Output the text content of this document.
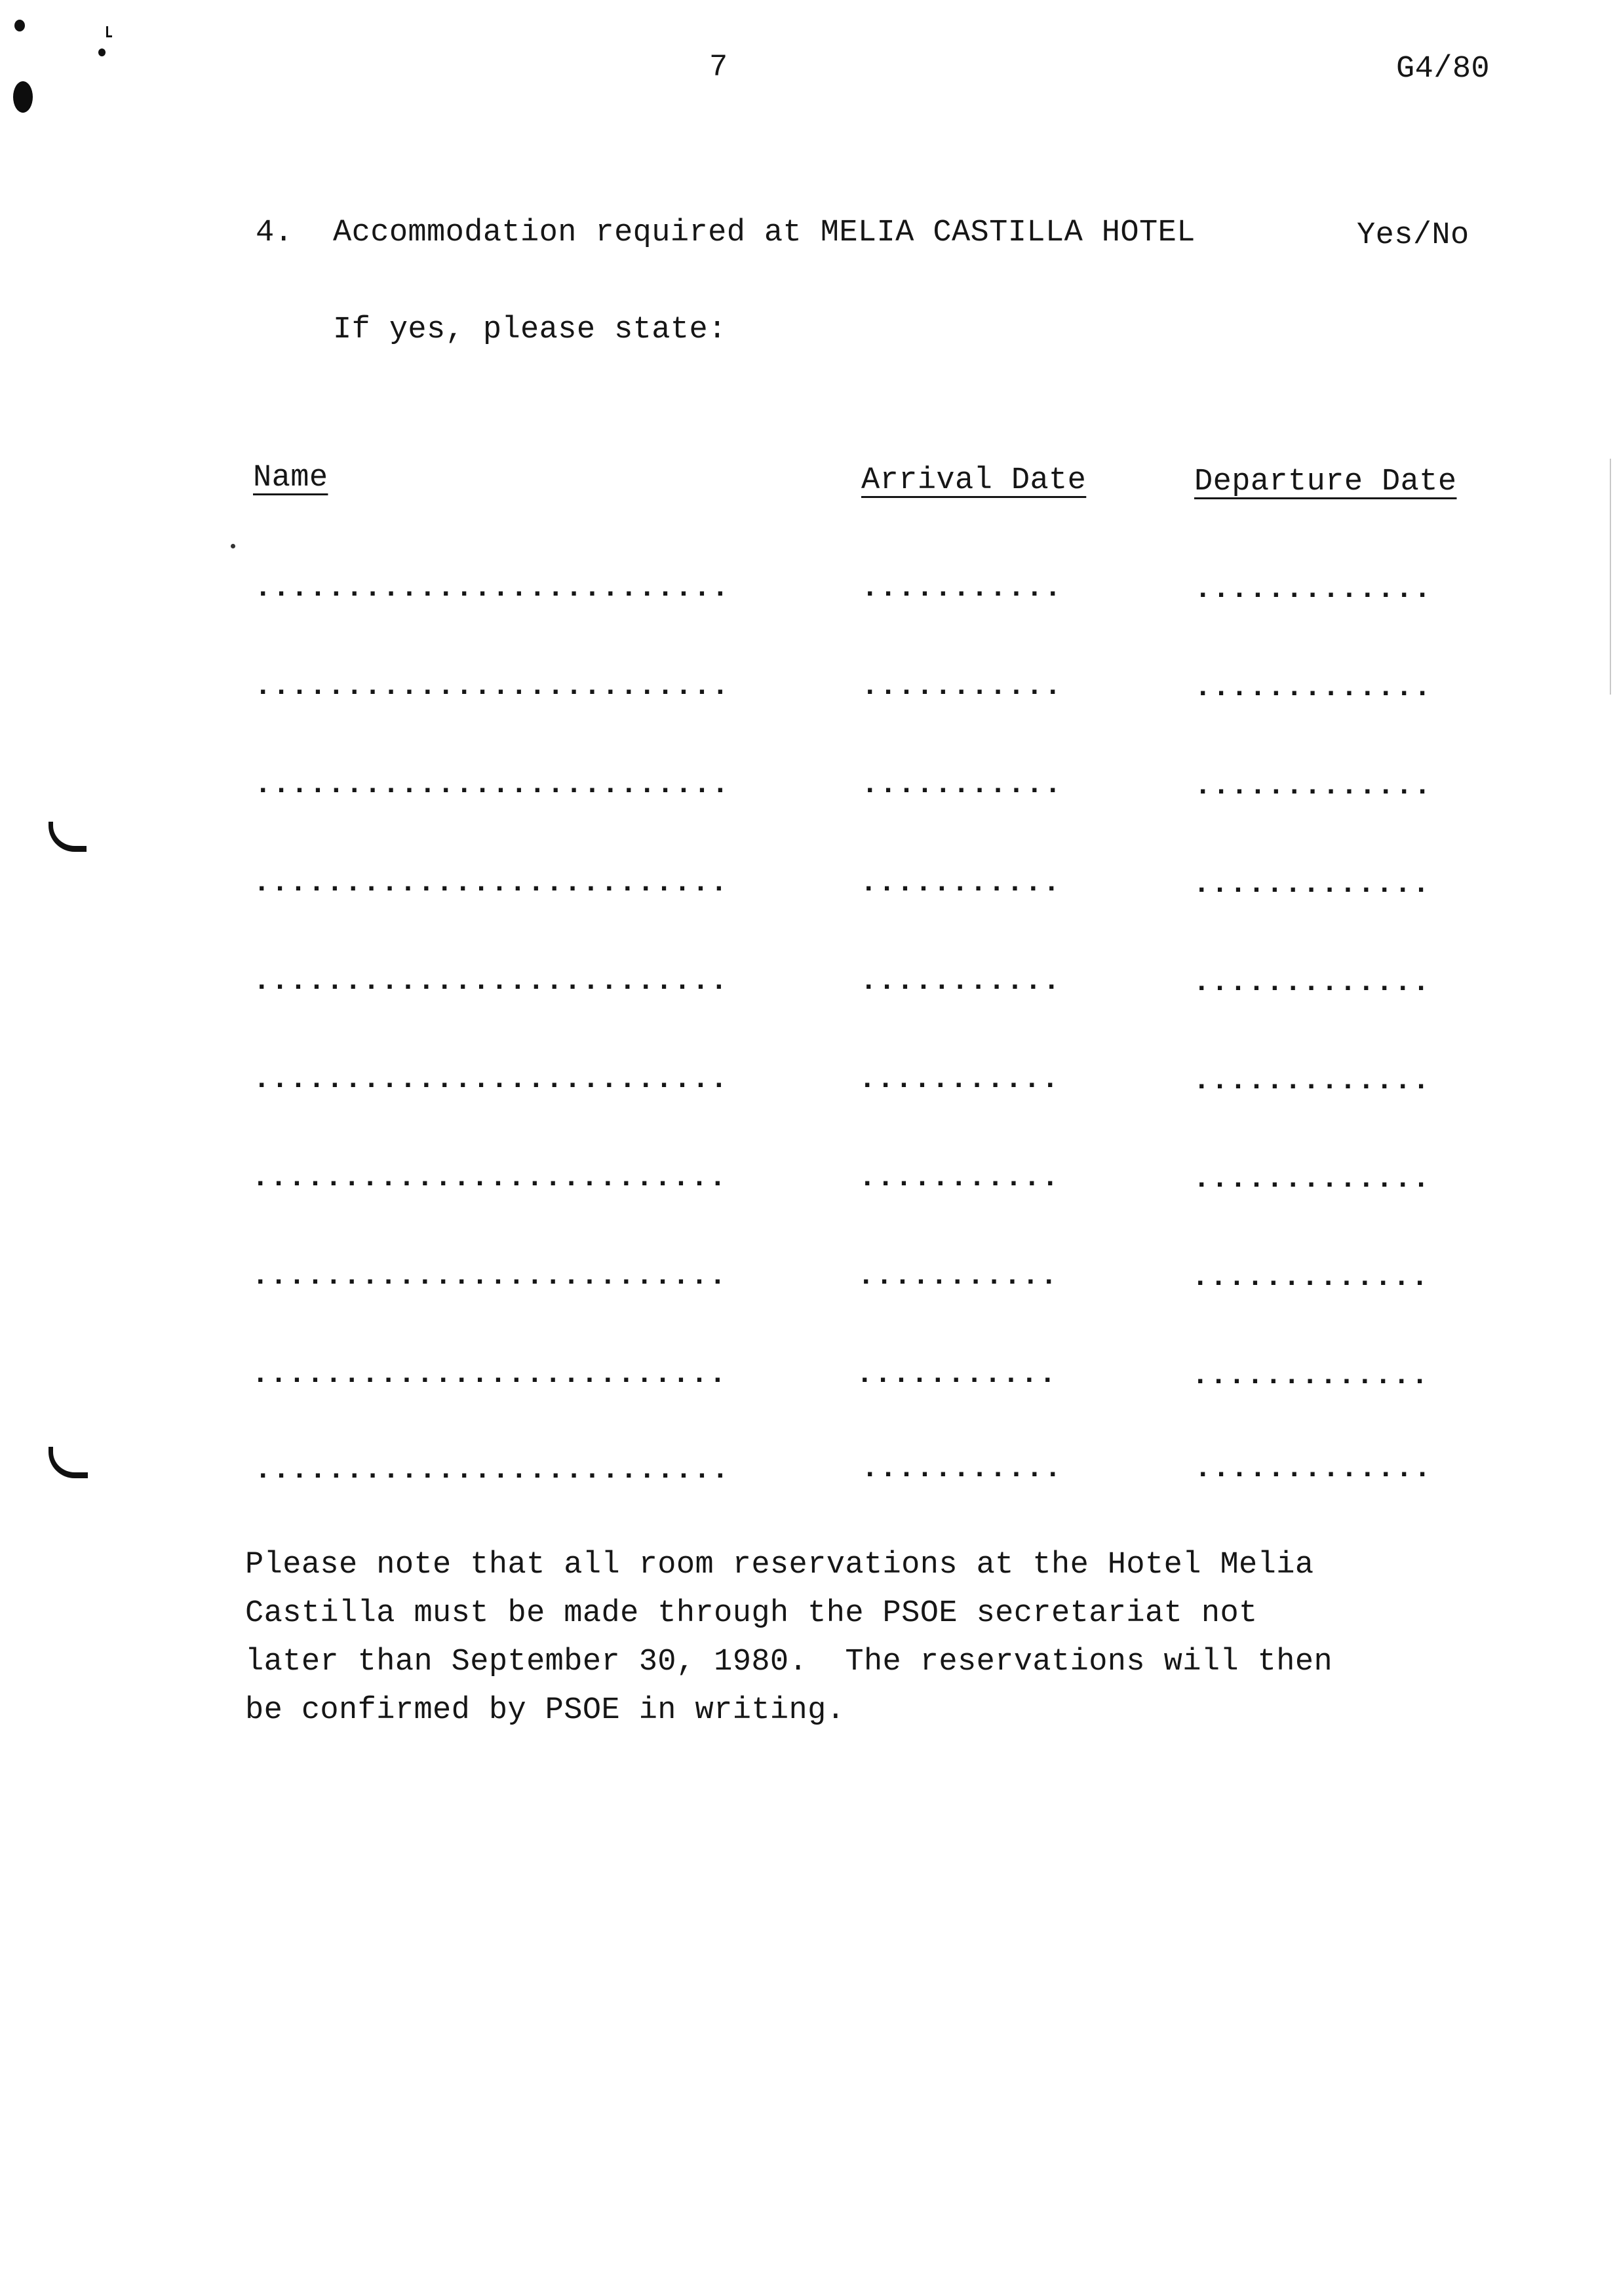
7	G4/80
4. Accommodation required at MELIA CASTILLA HOTEL	Yes/No
If yes, please state:
Name	Arrival Date	Departure Date
..........................	...........	.............
..........................	...........	.............
..........................	...........	.............
..........................	...........	.............
..........................	...........	.............
..........................	...........	.............
..........................	...........	.............
..........................	...........	.............
..........................	...........	.............
..........................	...........	.............
Please note that all room reservations at the Hotel Melia
Castilla must be made through the PSOE secretariat not
later than September 30, 1980.  The reservations will then
be confirmed by PSOE in writing.
